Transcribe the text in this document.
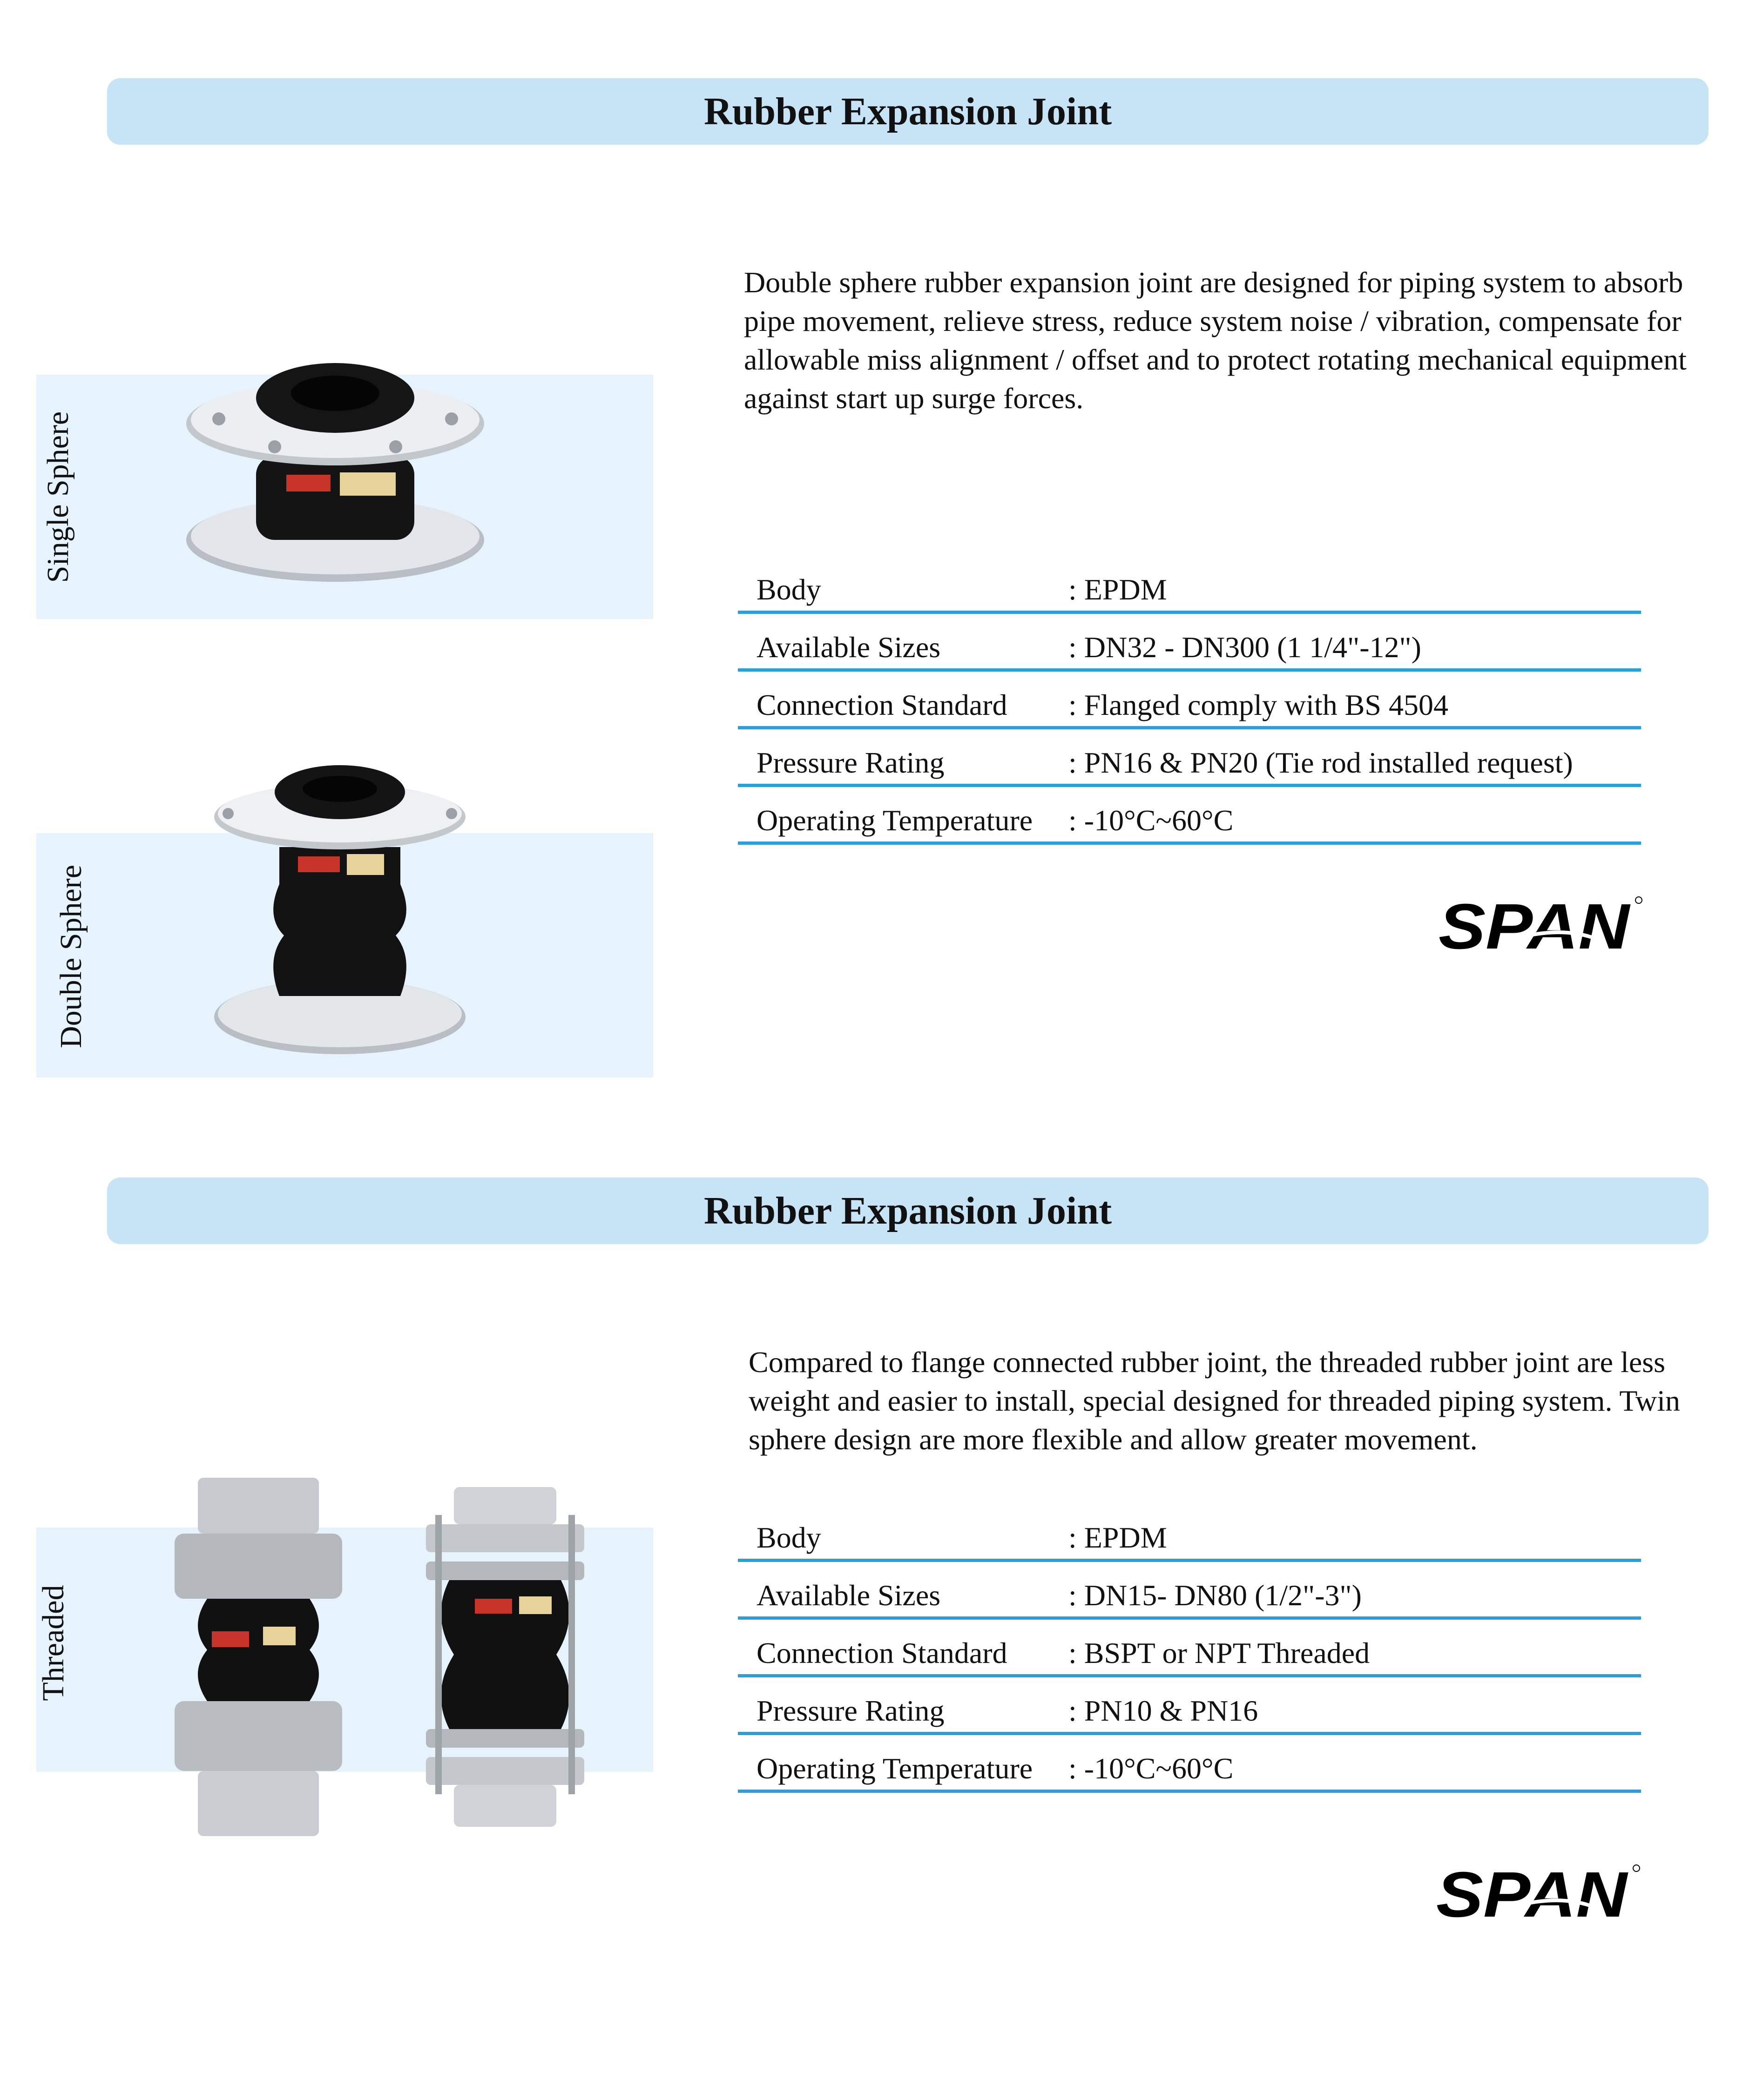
Rubber Expansion Joint
Single Sphere
Double Sphere
Double sphere rubber expansion joint are designed for piping system to absorb pipe movement, relieve stress, reduce system noise / vibration, compensate for allowable miss alignment / offset and to protect rotating mechanical equipment against start up surge forces.
Body	: EPDM
Available Sizes	: DN32 - DN300 (1 1/4"-12")
Connection Standard : Flanged comply with BS 4504
Pressure Rating	: PN16 & PN20 (Tie rod installed request)
Operating Temperature : -10°C~60°C
SPAN
Rubber Expansion Joint
Threaded
Compared to flange connected rubber joint, the threaded rubber joint are less weight and easier to install, special designed for threaded piping system. Twin sphere design are more flexible and allow greater movement.
Body	: EPDM
Available Sizes	: DN15- DN80 (1/2"-3")
Connection Standard : BSPT or NPT Threaded
Pressure Rating	: PN10 & PN16
Operating Temperature : -10°C~60°C
SPAN
